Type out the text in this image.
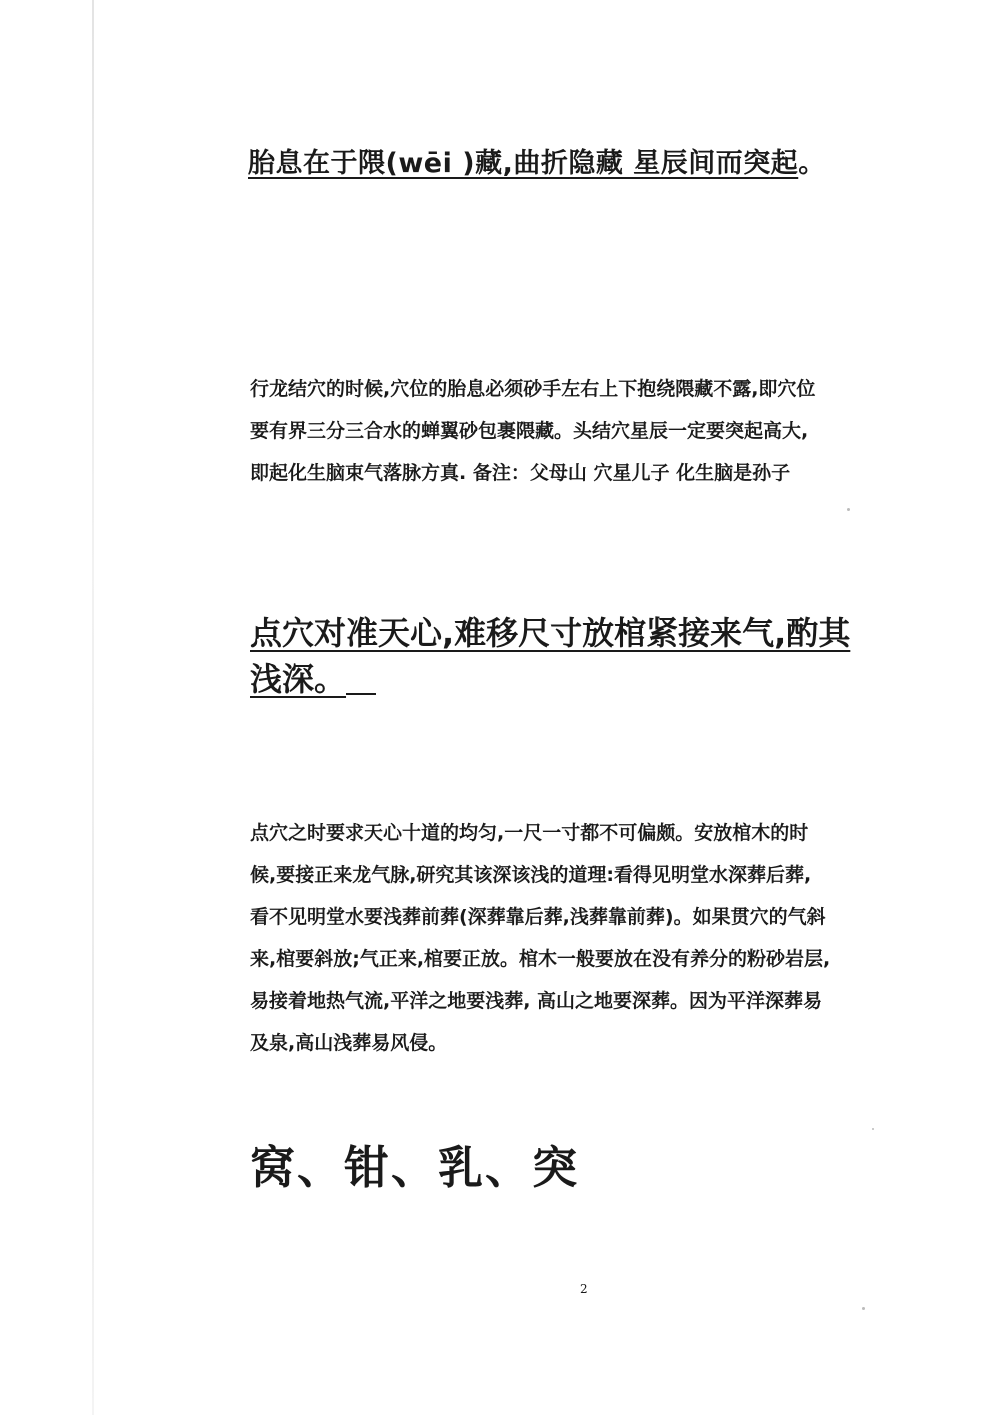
胎息在于隈(wēi )藏,曲折隐藏 星辰间而突起。
行龙结穴的时候,穴位的胎息必须砂手左右上下抱绕隈藏不露,即穴位
要有界三分三合水的蝉翼砂包裹隈藏。头结穴星辰一定要突起高大,
即起化生脑束气落脉方真. 备注：父母山 穴星儿子 化生脑是孙子
点穴对准天心,难移尺寸放棺紧接来气,酌其
浅深。
点穴之时要求天心十道的均匀,一尺一寸都不可偏颇。安放棺木的时
候,要接正来龙气脉,研究其该深该浅的道理:看得见明堂水深葬后葬,
看不见明堂水要浅葬前葬(深葬靠后葬,浅葬靠前葬)。如果贯穴的气斜
来,棺要斜放;气正来,棺要正放。棺木一般要放在没有养分的粉砂岩层,
易接着地热气流,平洋之地要浅葬, 高山之地要深葬。因为平洋深葬易
及泉,高山浅葬易风侵。
窝、钳、乳、突
2
